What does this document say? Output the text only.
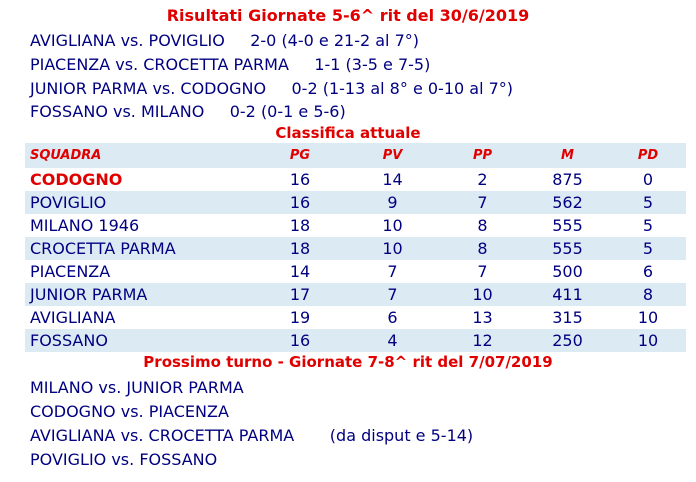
Risultati Giornate 5-6^ rit del 30/6/2019
AVIGLIANA vs. POVIGLIO     2-0 (4-0 e 21-2 al 7°)
PIACENZA vs. CROCETTA PARMA     1-1 (3-5 e 7-5)
JUNIOR PARMA vs. CODOGNO     0-2 (1-13 al 8° e 0-10 al 7°)
FOSSANO vs. MILANO     0-2 (0-1 e 5-6)
Classifica attuale
SQUADRA	PG	PV	PP	M	PD
CODOGNO	16	14	2	875	0
POVIGLIO	16	9	7	562	5
MILANO 1946	18	10	8	555	5
CROCETTA PARMA	18	10	8	555	5
PIACENZA	14	7	7	500	6
JUNIOR PARMA	17	7	10	411	8
AVIGLIANA	19	6	13	315	10
FOSSANO	16	4	12	250	10
Prossimo turno - Giornate 7-8^ rit del 7/07/2019
MILANO vs. JUNIOR PARMA
CODOGNO vs. PIACENZA
AVIGLIANA vs. CROCETTA PARMA       (da disput e 5-14)
POVIGLIO vs. FOSSANO
